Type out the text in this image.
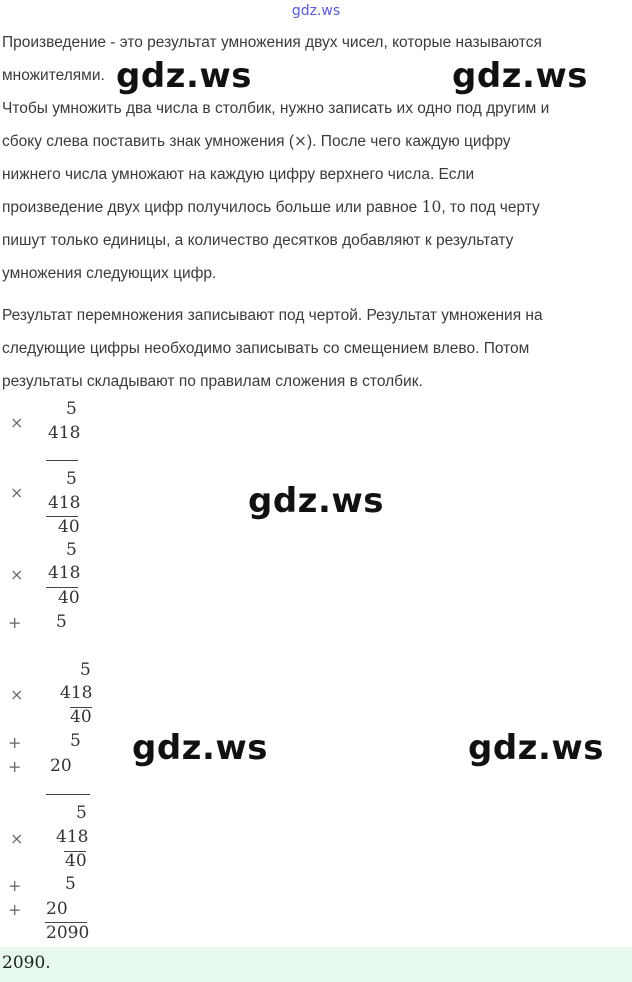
gdz.ws

Произведение - это результат умножения двух чисел, которые называются
множителями.

Чтобы умножить два числа в столбик, нужно записать их одно под другим и
сбоку слева поставить знак умножения (×). После чего каждую цифру
нижнего числа умножают на каждую цифру верхнего числа. Если
произведение двух цифр получилось больше или равное 10, то под черту
пишут только единицы, а количество десятков добавляют к результату
умножения следующих цифр.

Результат перемножения записывают под чертой. Результат умножения на
следующие цифры необходимо записывать со смещением влево. Потом
результаты складывают по правилам сложения в столбик.

gdz.ws	gdz.ws
gdz.ws
gdz.ws	gdz.ws
5
×
418
5
×
418
40
5
× 418
40
+ 5
5
× 418
40
+	5
+ 20
5
× 418
40
+	5
+ 20
2090
2090.
